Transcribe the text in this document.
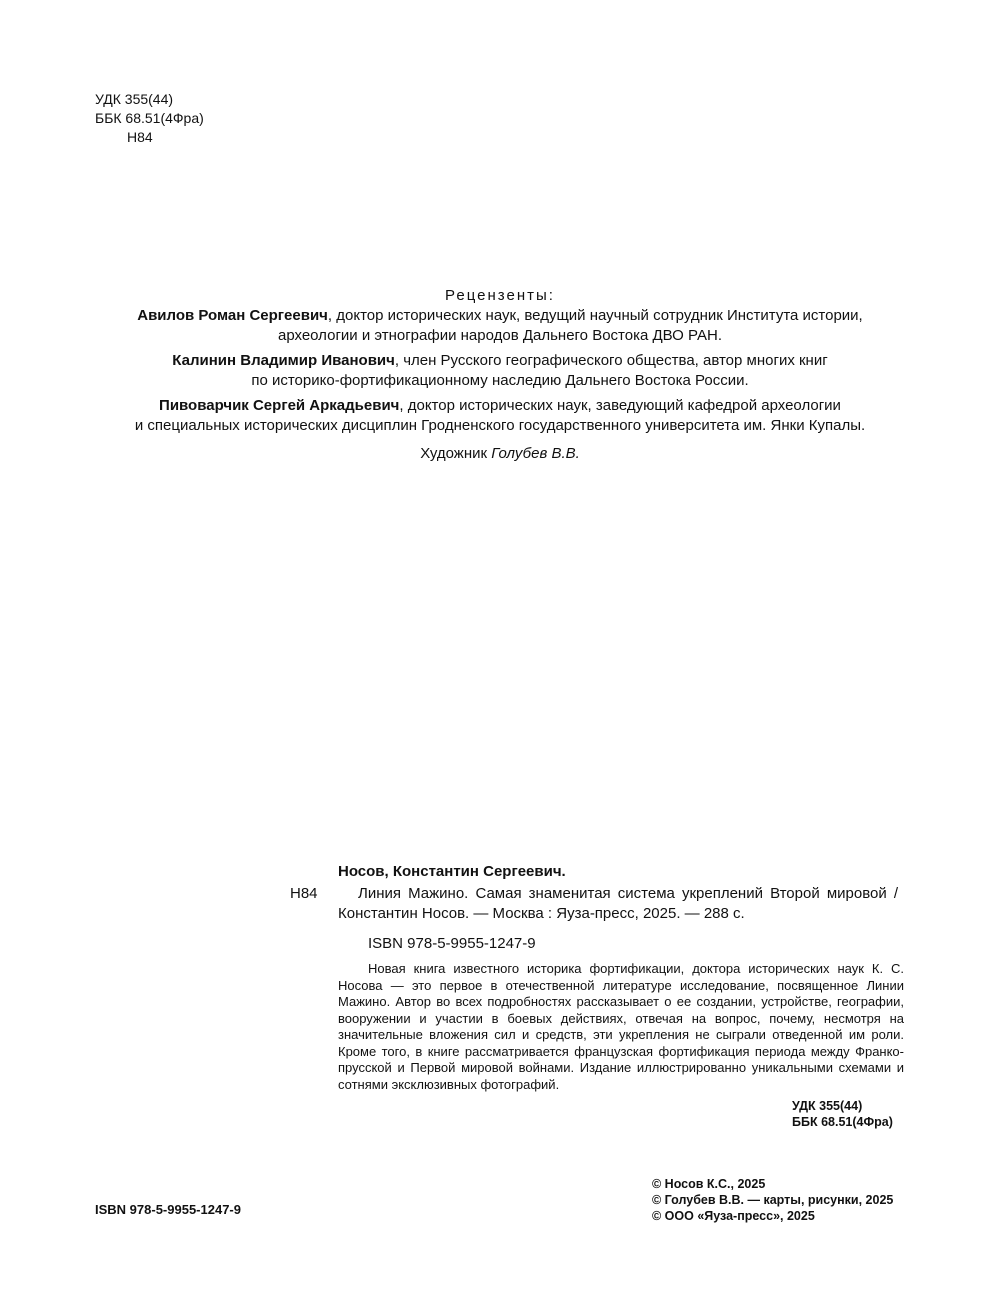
УДК 355(44)
ББК 68.51(4Фра)
Н84
Рецензенты:
Авилов Роман Сергеевич, доктор исторических наук, ведущий научный сотрудник Института истории,
археологии и этнографии народов Дальнего Востока ДВО РАН.
Калинин Владимир Иванович, член Русского географического общества, автор многих книг
по историко-фортификационному наследию Дальнего Востока России.
Пивоварчик Сергей Аркадьевич, доктор исторических наук, заведующий кафедрой археологии
и специальных исторических дисциплин Гродненского государственного университета им. Янки Купалы.
Художник Голубев В.В.
Носов, Константин Сергеевич.
Н84	Линия Мажино. Самая знаменитая система укреплений Второй мировой / Константин Носов. — Москва : Яуза-пресс, 2025. — 288 с.
ISBN 978-5-9955-1247-9
Новая книга известного историка фортификации, доктора исторических наук К. С. Носова — это первое в отечественной литературе исследование, посвященное Линии Мажино. Автор во всех подробностях рассказывает о ее создании, устройстве, географии, вооружении и участии в боевых действиях, отвечая на вопрос, почему, несмотря на значительные вложения сил и средств, эти укрепления не сыграли отведенной им роли. Кроме того, в книге рассматривается французская фортификация периода между Франко-прусской и Первой мировой войнами. Издание иллюстрированно уникальными схемами и сотнями эксклюзивных фотографий.
УДК 355(44)
ББК 68.51(4Фра)
© Носов К.С., 2025
© Голубев В.В. — карты, рисунки, 2025
© ООО «Яуза-пресс», 2025
ISBN 978-5-9955-1247-9
